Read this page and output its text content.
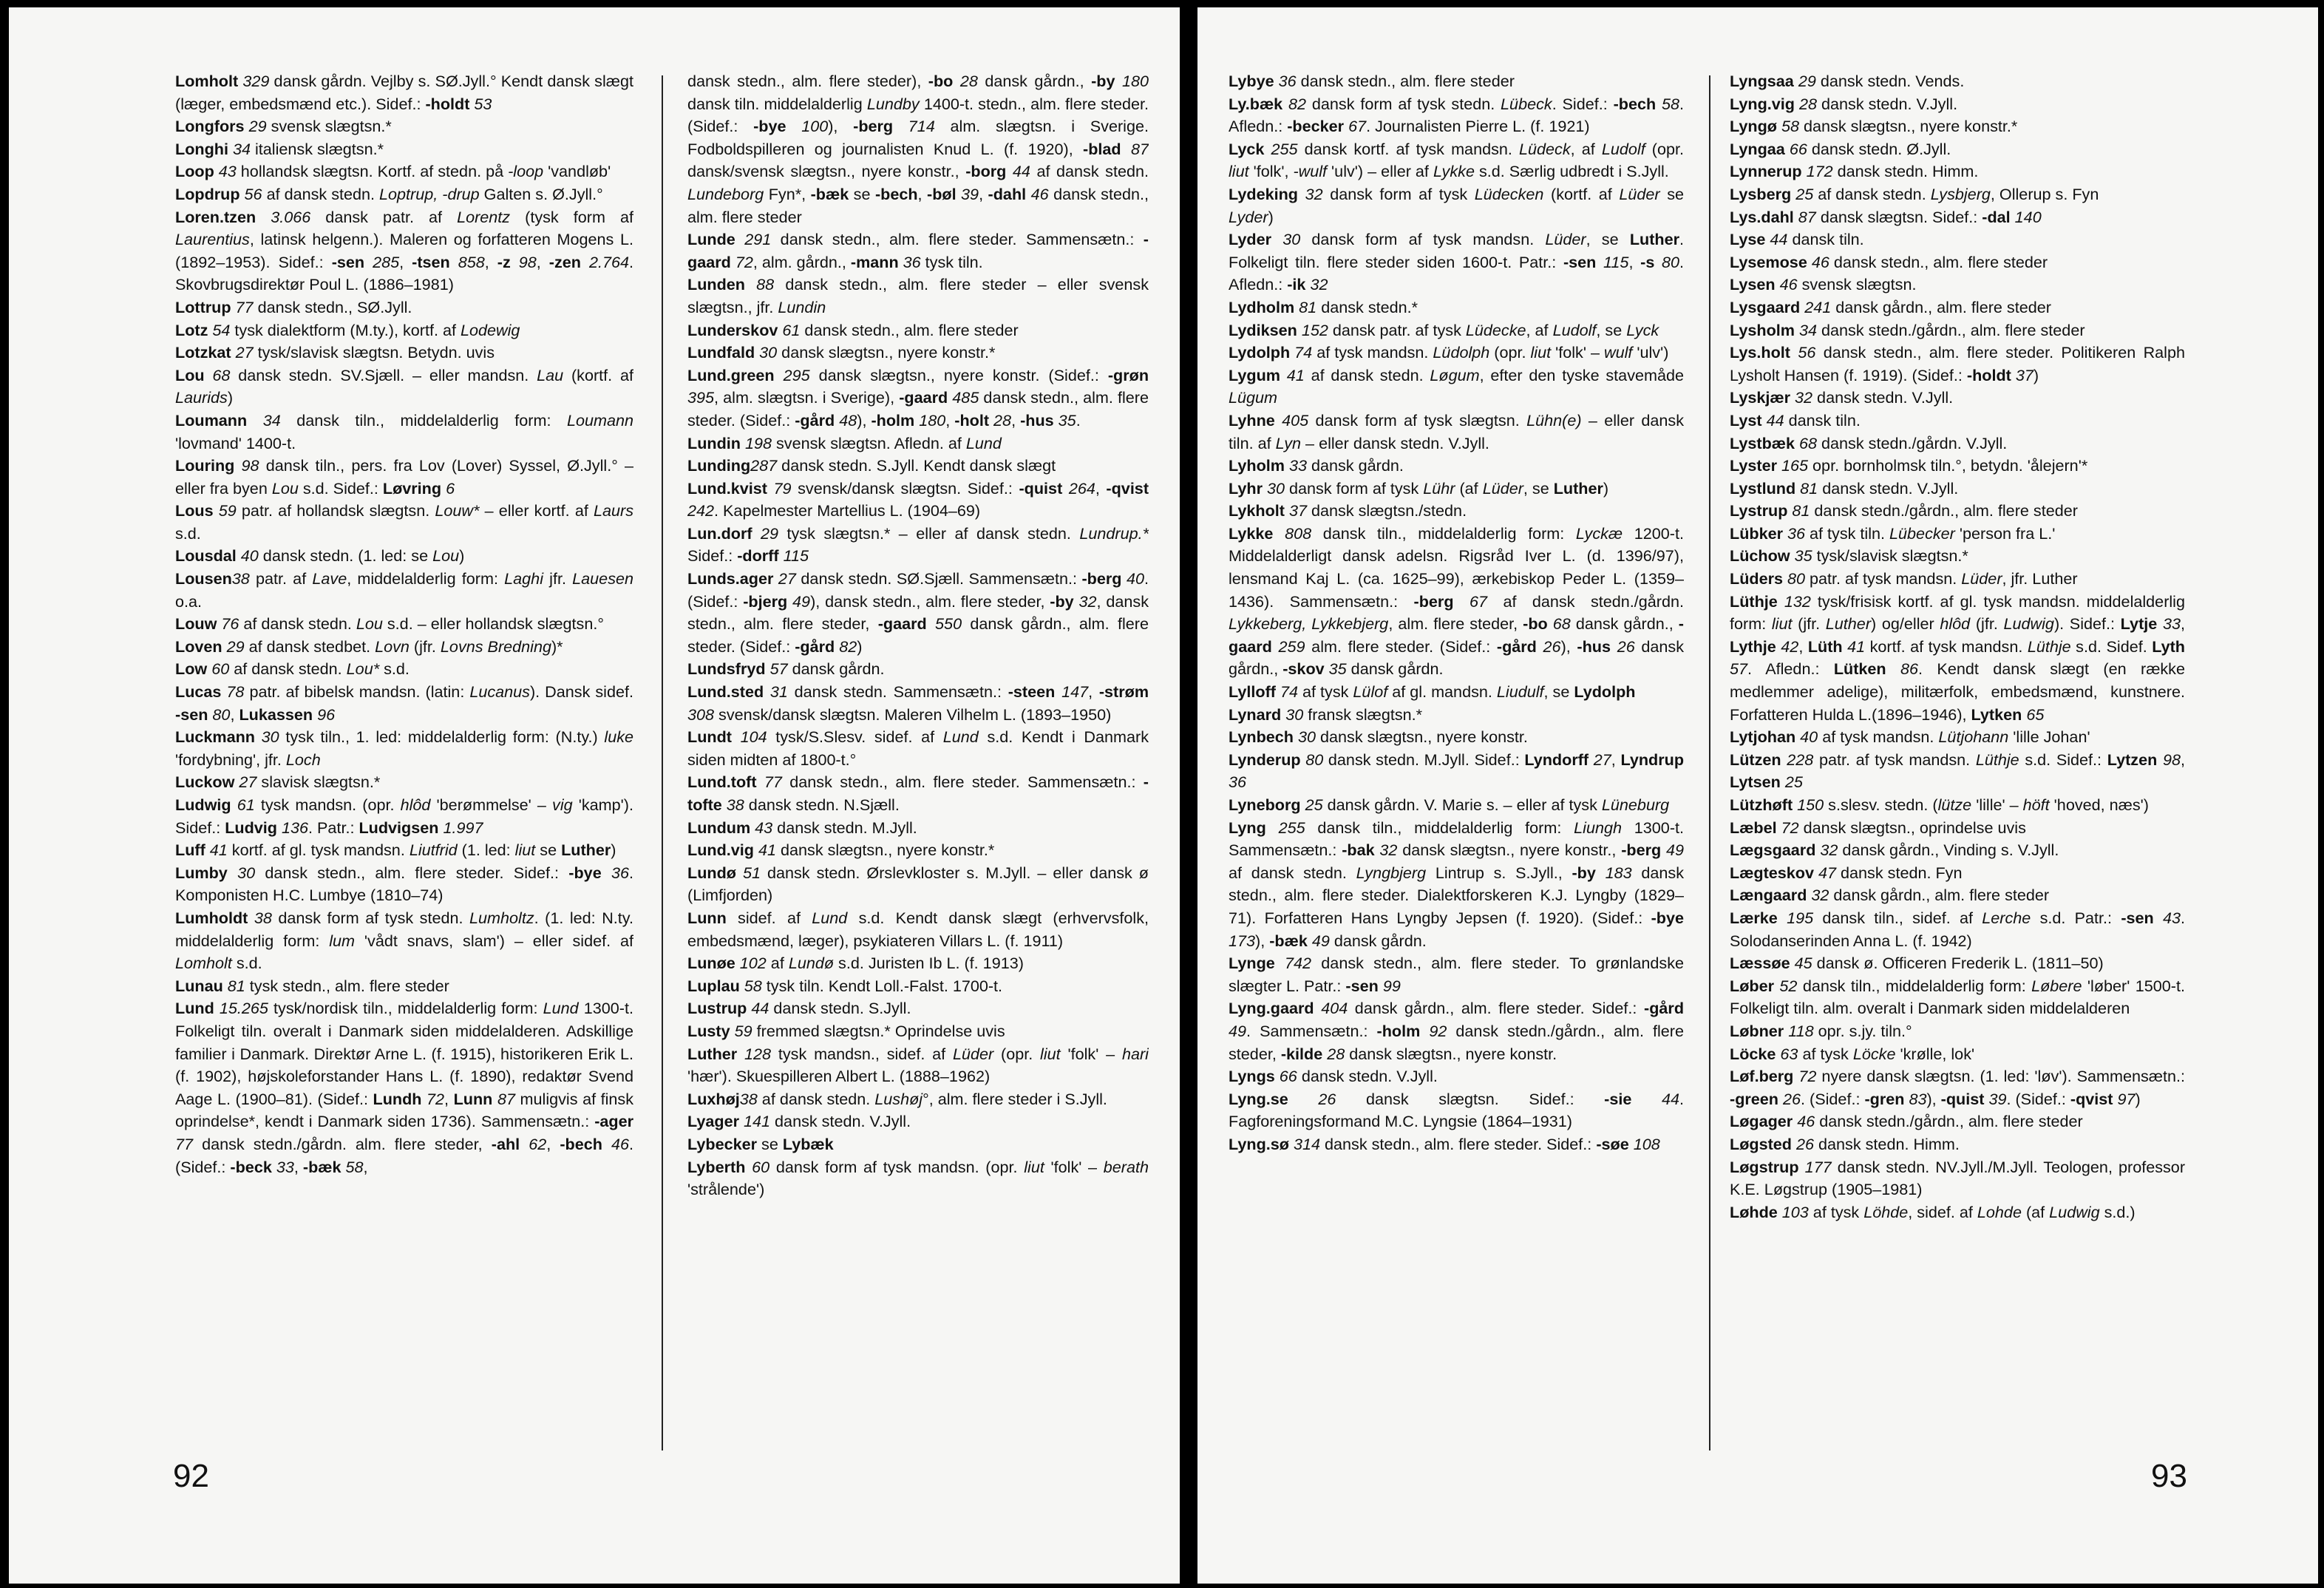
Lomholt 329 dansk gårdn. Vejlby s. SØ.Jyll.° Kendt dansk slægt (læger, embedsmænd etc.). Sidef.: -holdt 53
Longfors 29 svensk slægtsn.*
Longhi 34 italiensk slægtsn.*
Loop 43 hollandsk slægtsn. Kortf. af stedn. på -loop 'vandløb'
Lopdrup 56 af dansk stedn. Loptrup, -drup Galten s. Ø.Jyll.°
Loren.tzen 3.066 dansk patr. af Lorentz (tysk form af Laurentius, latinsk helgenn.). Maleren og forfatteren Mogens L. (1892–1953). Sidef.: -sen 285, -tsen 858, -z 98, -zen 2.764. Skovbrugsdirektør Poul L. (1886–1981)
Lottrup 77 dansk stedn., SØ.Jyll.
Lotz 54 tysk dialektform (M.ty.), kortf. af Lodewig
Lotzkat 27 tysk/slavisk slægtsn. Betydn. uvis
Lou 68 dansk stedn. SV.Sjæll. – eller mandsn. Lau (kortf. af Laurids)
Loumann 34 dansk tiln., middelalderlig form: Loumann 'lovmand' 1400-t.
Louring 98 dansk tiln., pers. fra Lov (Lover) Syssel, Ø.Jyll.° – eller fra byen Lou s.d. Sidef.: Løvring 6
Lous 59 patr. af hollandsk slægtsn. Louw* – eller kortf. af Laurs s.d.
Lousdal 40 dansk stedn. (1. led: se Lou)
Lousen38 patr. af Lave, middelalderlig form: Laghi jfr. Lauesen o.a.
Louw 76 af dansk stedn. Lou s.d. – eller hollandsk slægtsn.°
Loven 29 af dansk stedbet. Lovn (jfr. Lovns Bredning)*
Low 60 af dansk stedn. Lou* s.d.
Lucas 78 patr. af bibelsk mandsn. (latin: Lucanus). Dansk sidef. -sen 80, Lukassen 96
Luckmann 30 tysk tiln., 1. led: middelalderlig form: (N.ty.) luke 'fordybning', jfr. Loch
Luckow 27 slavisk slægtsn.*
Ludwig 61 tysk mandsn. (opr. hlôd 'berømmelse' – vig 'kamp'). Sidef.: Ludvig 136. Patr.: Ludvigsen 1.997
Luff 41 kortf. af gl. tysk mandsn. Liutfrid (1. led: liut se Luther)
Lumby 30 dansk stedn., alm. flere steder. Sidef.: -bye 36. Komponisten H.C. Lumbye (1810–74)
Lumholdt 38 dansk form af tysk stedn. Lumholtz. (1. led: N.ty. middelalderlig form: lum 'vådt snavs, slam') – eller sidef. af Lomholt s.d.
Lunau 81 tysk stedn., alm. flere steder
Lund 15.265 tysk/nordisk tiln., middelalderlig form: Lund 1300-t. Folkeligt tiln. overalt i Danmark siden middelalderen. Adskillige familier i Danmark. Direktør Arne L. (f. 1915), historikeren Erik L. (f. 1902), højskoleforstander Hans L. (f. 1890), redaktør Svend Aage L. (1900–81). (Sidef.: Lundh 72, Lunn 87 muligvis af finsk oprindelse*, kendt i Danmark siden 1736). Sammensætn.: -ager 77 dansk stedn./gårdn. alm. flere steder, -ahl 62, -bech 46. (Sidef.: -beck 33, -bæk 58,
dansk stedn., alm. flere steder), -bo 28 dansk gårdn., -by 180 dansk tiln. middelalderlig Lundby 1400-t. stedn., alm. flere steder. (Sidef.: -bye 100), -berg 714 alm. slægtsn. i Sverige. Fodboldspilleren og journalisten Knud L. (f. 1920), -blad 87 dansk/svensk slægtsn., nyere konstr., -borg 44 af dansk stedn. Lundeborg Fyn*, -bæk se -bech, -bøl 39, -dahl 46 dansk stedn., alm. flere steder
Lunde 291 dansk stedn., alm. flere steder. Sammensætn.: -gaard 72, alm. gårdn., -mann 36 tysk tiln.
Lunden 88 dansk stedn., alm. flere steder – eller svensk slægtsn., jfr. Lundin
Lunderskov 61 dansk stedn., alm. flere steder
Lundfald 30 dansk slægtsn., nyere konstr.*
Lund.green 295 dansk slægtsn., nyere konstr. (Sidef.: -grøn 395, alm. slægtsn. i Sverige), -gaard 485 dansk stedn., alm. flere steder. (Sidef.: -gård 48), -holm 180, -holt 28, -hus 35.
Lundin 198 svensk slægtsn. Afledn. af Lund
Lunding287 dansk stedn. S.Jyll. Kendt dansk slægt
Lund.kvist 79 svensk/dansk slægtsn. Sidef.: -quist 264, -qvist 242. Kapelmester Martellius L. (1904–69)
Lun.dorf 29 tysk slægtsn.* – eller af dansk stedn. Lundrup.* Sidef.: -dorff 115
Lunds.ager 27 dansk stedn. SØ.Sjæll. Sammensætn.: -berg 40. (Sidef.: -bjerg 49), dansk stedn., alm. flere steder, -by 32, dansk stedn., alm. flere steder, -gaard 550 dansk gårdn., alm. flere steder. (Sidef.: -gård 82)
Lundsfryd 57 dansk gårdn.
Lund.sted 31 dansk stedn. Sammensætn.: -steen 147, -strøm 308 svensk/dansk slægtsn. Maleren Vilhelm L. (1893–1950)
Lundt 104 tysk/S.Slesv. sidef. af Lund s.d. Kendt i Danmark siden midten af 1800-t.°
Lund.toft 77 dansk stedn., alm. flere steder. Sammensætn.: -tofte 38 dansk stedn. N.Sjæll.
Lundum 43 dansk stedn. M.Jyll.
Lund.vig 41 dansk slægtsn., nyere konstr.*
Lundø 51 dansk stedn. Ørslevkloster s. M.Jyll. – eller dansk ø (Limfjorden)
Lunn sidef. af Lund s.d. Kendt dansk slægt (erhvervsfolk, embedsmænd, læger), psykiateren Villars L. (f. 1911)
Lunøe 102 af Lundø s.d. Juristen Ib L. (f. 1913)
Luplau 58 tysk tiln. Kendt Loll.-Falst. 1700-t.
Lustrup 44 dansk stedn. S.Jyll.
Lusty 59 fremmed slægtsn.* Oprindelse uvis
Luther 128 tysk mandsn., sidef. af Lüder (opr. liut 'folk' – hari 'hær'). Skuespilleren Albert L. (1888–1962)
Luxhøj38 af dansk stedn. Lushøj°, alm. flere steder i S.Jyll.
Lyager 141 dansk stedn. V.Jyll.
Lybecker se Lybæk
Lyberth 60 dansk form af tysk mandsn. (opr. liut 'folk' – berath 'strålende')
92
Lybye 36 dansk stedn., alm. flere steder
Ly.bæk 82 dansk form af tysk stedn. Lübeck. Sidef.: -bech 58. Afledn.: -becker 67. Journalisten Pierre L. (f. 1921)
Lyck 255 dansk kortf. af tysk mandsn. Lüdeck, af Ludolf (opr. liut 'folk', -wulf 'ulv') – eller af Lykke s.d. Særlig udbredt i S.Jyll.
Lydeking 32 dansk form af tysk Lüdecken (kortf. af Lüder se Lyder)
Lyder 30 dansk form af tysk mandsn. Lüder, se Luther. Folkeligt tiln. flere steder siden 1600-t. Patr.: -sen 115, -s 80. Afledn.: -ik 32
Lydholm 81 dansk stedn.*
Lydiksen 152 dansk patr. af tysk Lüdecke, af Ludolf, se Lyck
Lydolph 74 af tysk mandsn. Lüdolph (opr. liut 'folk' – wulf 'ulv')
Lygum 41 af dansk stedn. Løgum, efter den tyske stavemåde Lügum
Lyhne 405 dansk form af tysk slægtsn. Lühn(e) – eller dansk tiln. af Lyn – eller dansk stedn. V.Jyll.
Lyholm 33 dansk gårdn.
Lyhr 30 dansk form af tysk Lühr (af Lüder, se Luther)
Lykholt 37 dansk slægtsn./stedn.
Lykke 808 dansk tiln., middelalderlig form: Lyckæ 1200-t. Middelalderligt dansk adelsn. Rigsråd Iver L. (d. 1396/97), lensmand Kaj L. (ca. 1625–99), ærkebiskop Peder L. (1359–1436). Sammensætn.: -berg 67 af dansk stedn./gårdn. Lykkeberg, Lykkebjerg, alm. flere steder, -bo 68 dansk gårdn., -gaard 259 alm. flere steder. (Sidef.: -gård 26), -hus 26 dansk gårdn., -skov 35 dansk gårdn.
Lylloff 74 af tysk Lülof af gl. mandsn. Liudulf, se Lydolph
Lynard 30 fransk slægtsn.*
Lynbech 30 dansk slægtsn., nyere konstr.
Lynderup 80 dansk stedn. M.Jyll. Sidef.: Lyndorff 27, Lyndrup 36
Lyneborg 25 dansk gårdn. V. Marie s. – eller af tysk Lüneburg
Lyng 255 dansk tiln., middelalderlig form: Liungh 1300-t. Sammensætn.: -bak 32 dansk slægtsn., nyere konstr., -berg 49 af dansk stedn. Lyngbjerg Lintrup s. S.Jyll., -by 183 dansk stedn., alm. flere steder. Dialektforskeren K.J. Lyngby (1829–71). Forfatteren Hans Lyngby Jepsen (f. 1920). (Sidef.: -bye 173), -bæk 49 dansk gårdn.
Lynge 742 dansk stedn., alm. flere steder. To grønlandske slægter L. Patr.: -sen 99
Lyng.gaard 404 dansk gårdn., alm. flere steder. Sidef.: -gård 49. Sammensætn.: -holm 92 dansk stedn./gårdn., alm. flere steder, -kilde 28 dansk slægtsn., nyere konstr.
Lyngs 66 dansk stedn. V.Jyll.
Lyng.se 26 dansk slægtsn. Sidef.: -sie 44. Fagforeningsformand M.C. Lyngsie (1864–1931)
Lyng.sø 314 dansk stedn., alm. flere steder. Sidef.: -søe 108
Lyngsaa 29 dansk stedn. Vends.
Lyng.vig 28 dansk stedn. V.Jyll.
Lyngø 58 dansk slægtsn., nyere konstr.*
Lyngaa 66 dansk stedn. Ø.Jyll.
Lynnerup 172 dansk stedn. Himm.
Lysberg 25 af dansk stedn. Lysbjerg, Ollerup s. Fyn
Lys.dahl 87 dansk slægtsn. Sidef.: -dal 140
Lyse 44 dansk tiln.
Lysemose 46 dansk stedn., alm. flere steder
Lysen 46 svensk slægtsn.
Lysgaard 241 dansk gårdn., alm. flere steder
Lysholm 34 dansk stedn./gårdn., alm. flere steder
Lys.holt 56 dansk stedn., alm. flere steder. Politikeren Ralph Lysholt Hansen (f. 1919). (Sidef.: -holdt 37)
Lyskjær 32 dansk stedn. V.Jyll.
Lyst 44 dansk tiln.
Lystbæk 68 dansk stedn./gårdn. V.Jyll.
Lyster 165 opr. bornholmsk tiln.°, betydn. 'ålejern'*
Lystlund 81 dansk stedn. V.Jyll.
Lystrup 81 dansk stedn./gårdn., alm. flere steder
Lübker 36 af tysk tiln. Lübecker 'person fra L.'
Lüchow 35 tysk/slavisk slægtsn.*
Lüders 80 patr. af tysk mandsn. Lüder, jfr. Luther
Lüthje 132 tysk/frisisk kortf. af gl. tysk mandsn. middelalderlig form: liut (jfr. Luther) og/eller hlôd (jfr. Ludwig). Sidef.: Lytje 33, Lythje 42, Lüth 41 kortf. af tysk mandsn. Lüthje s.d. Sidef. Lyth 57. Afledn.: Lütken 86. Kendt dansk slægt (en række medlemmer adelige), militærfolk, embedsmænd, kunstnere. Forfatteren Hulda L.(1896–1946), Lytken 65
Lytjohan 40 af tysk mandsn. Lütjohann 'lille Johan'
Lützen 228 patr. af tysk mandsn. Lüthje s.d. Sidef.: Lytzen 98, Lytsen 25
Lützhøft 150 s.slesv. stedn. (lütze 'lille' – höft 'hoved, næs')
Læbel 72 dansk slægtsn., oprindelse uvis
Lægsgaard 32 dansk gårdn., Vinding s. V.Jyll.
Lægteskov 47 dansk stedn. Fyn
Længaard 32 dansk gårdn., alm. flere steder
Lærke 195 dansk tiln., sidef. af Lerche s.d. Patr.: -sen 43. Solodanserinden Anna L. (f. 1942)
Læssøe 45 dansk ø. Officeren Frederik L. (1811–50)
Løber 52 dansk tiln., middelalderlig form: Løbere 'løber' 1500-t. Folkeligt tiln. alm. overalt i Danmark siden middelalderen
Løbner 118 opr. s.jy. tiln.°
Löcke 63 af tysk Löcke 'krølle, lok'
Løf.berg 72 nyere dansk slægtsn. (1. led: 'løv'). Sammensætn.: -green 26. (Sidef.: -gren 83), -quist 39. (Sidef.: -qvist 97)
Løgager 46 dansk stedn./gårdn., alm. flere steder
Løgsted 26 dansk stedn. Himm.
Løgstrup 177 dansk stedn. NV.Jyll./M.Jyll. Teologen, professor K.E. Løgstrup (1905–1981)
Løhde 103 af tysk Löhde, sidef. af Lohde (af Ludwig s.d.)
93
